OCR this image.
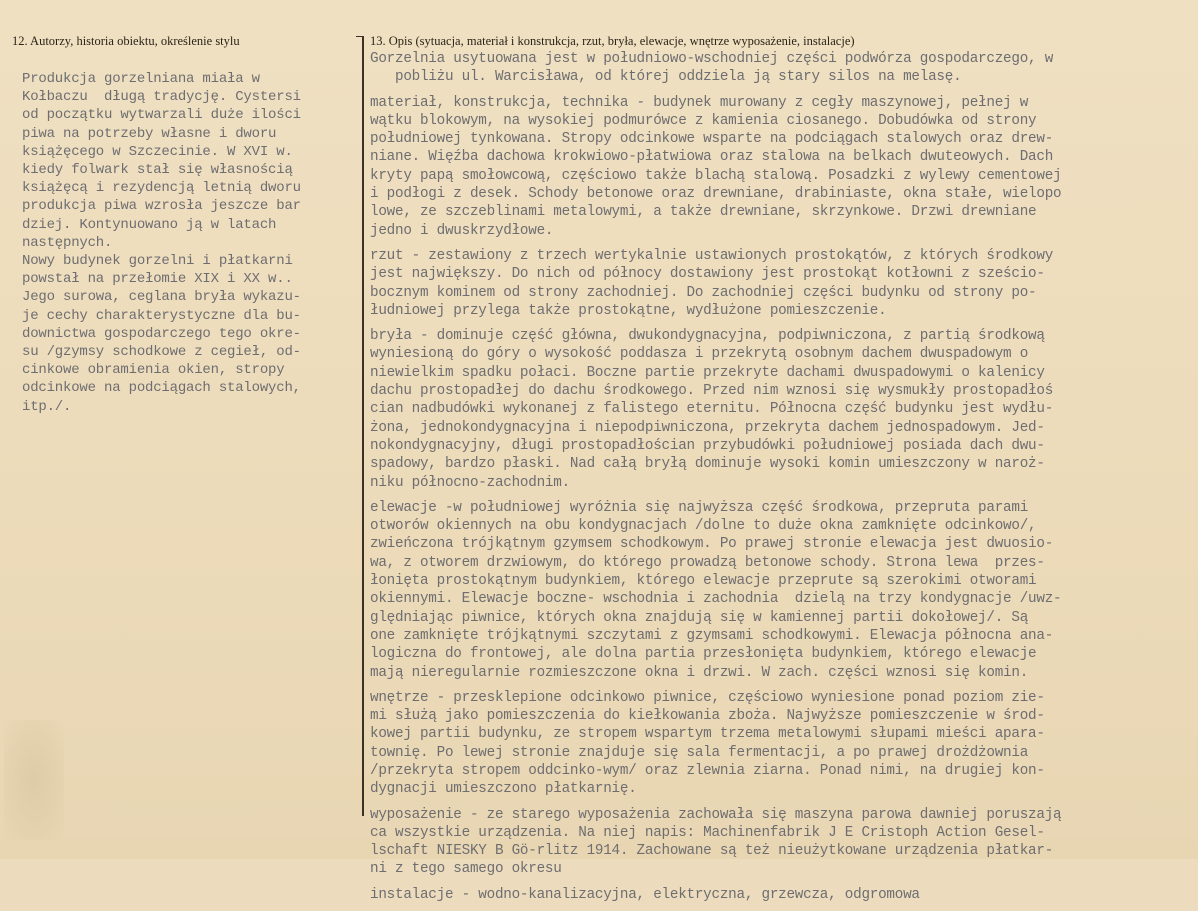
12. Autorzy, historia obiektu, określenie stylu	13. Opis (sytuacja, materiał i konstrukcja, rzut, bryła, elewacje, wnętrze wyposażenie, instalacje)
Produkcja gorzelniana miała w
Kołbaczu  długą tradycję. Cystersi
od początku wytwarzali duże ilości
piwa na potrzeby własne i dworu
książęcego w Szczecinie. W XVI w.
kiedy folwark stał się własnością
książęcą i rezydencją letnią dworu
produkcja piwa wzrosła jeszcze bar
dziej. Kontynuowano ją w latach
następnych.
Nowy budynek gorzelni i płatkarni
powstał na przełomie XIX i XX w..
Jego surowa, ceglana bryła wykazu-
je cechy charakterystyczne dla bu-
downictwa gospodarczego tego okre-
su /gzymsy schodkowe z cegieł, od-
cinkowe obramienia okien, stropy
odcinkowe na podciągach stalowych,
itp./.
Gorzelnia usytuowana jest w południowo-wschodniej części podwórza gospodarczego, w
pobliżu ul. Warcisława, od której oddziela ją stary silos na melasę.
materiał, konstrukcja, technika - budynek murowany z cegły maszynowej, pełnej w
wątku blokowym, na wysokiej podmurówce z kamienia ciosanego. Dobudówka od strony
południowej tynkowana. Stropy odcinkowe wsparte na podciągach stalowych oraz drew-
niane. Więźba dachowa krokwiowo-płatwiowa oraz stalowa na belkach dwuteowych. Dach
kryty papą smołowcową, częściowo także blachą stalową. Posadzki z wylewy cementowej
i podłogi z desek. Schody betonowe oraz drewniane, drabiniaste, okna stałe, wielopo
lowe, ze szczeblinami metalowymi, a także drewniane, skrzynkowe. Drzwi drewniane
jedno i dwuskrzydłowe.
rzut - zestawiony z trzech wertykalnie ustawionych prostokątów, z których środkowy
jest największy. Do nich od północy dostawiony jest prostokąt kotłowni z sześcio-
bocznym kominem od strony zachodniej. Do zachodniej części budynku od strony po-
łudniowej przylega także prostokątne, wydłużone pomieszczenie.
bryła - dominuje część główna, dwukondygnacyjna, podpiwniczona, z partią środkową
wyniesioną do góry o wysokość poddasza i przekrytą osobnym dachem dwuspadowym o
niewielkim spadku połaci. Boczne partie przekryte dachami dwuspadowymi o kalenicy
dachu prostopadłej do dachu środkowego. Przed nim wznosi się wysmukły prostopadłoś
cian nadbudówki wykonanej z falistego eternitu. Północna część budynku jest wydłu-
żona, jednokondygnacyjna i niepodpiwniczona, przekryta dachem jednospadowym. Jed-
nokondygnacyjny, długi prostopadłościan przybudówki południowej posiada dach dwu-
spadowy, bardzo płaski. Nad całą bryłą dominuje wysoki komin umieszczony w naroż-
niku północno-zachodnim.
elewacje -w południowej wyróżnia się najwyższa część środkowa, przepruta parami
otworów okiennych na obu kondygnacjach /dolne to duże okna zamknięte odcinkowo/,
zwieńczona trójkątnym gzymsem schodkowym. Po prawej stronie elewacja jest dwuosio-
wa, z otworem drzwiowym, do którego prowadzą betonowe schody. Strona lewa  przes-
łonięta prostokątnym budynkiem, którego elewacje przeprute są szerokimi otworami
okiennymi. Elewacje boczne- wschodnia i zachodnia  dzielą na trzy kondygnacje /uwz-
ględniając piwnice, których okna znajdują się w kamiennej partii dokołowej/. Są
one zamknięte trójkątnymi szczytami z gzymsami schodkowymi. Elewacja północna ana-
logiczna do frontowej, ale dolna partia przesłonięta budynkiem, którego elewacje
mają nieregularnie rozmieszczone okna i drzwi. W zach. części wznosi się komin.
wnętrze - przesklepione odcinkowo piwnice, częściowo wyniesione ponad poziom zie-
mi służą jako pomieszczenia do kiełkowania zboża. Najwyższe pomieszczenie w środ-
kowej partii budynku, ze stropem wspartym trzema metalowymi słupami mieści apara-
townię. Po lewej stronie znajduje się sala fermentacji, a po prawej drożdżownia
/przekryta stropem oddcinko-wym/ oraz zlewnia ziarna. Ponad nimi, na drugiej kon-
dygnacji umieszczono płatkarnię.
wyposażenie - ze starego wyposażenia zachowała się maszyna parowa dawniej poruszają
ca wszystkie urządzenia. Na niej napis: Machinenfabrik J E Cristoph Action Gesel-
lschaft NIESKY B Gö-rlitz 1914. Zachowane są też nieużytkowane urządzenia płatkar-
ni z tego samego okresu
instalacje - wodno-kanalizacyjna, elektryczna, grzewcza, odgromowa
